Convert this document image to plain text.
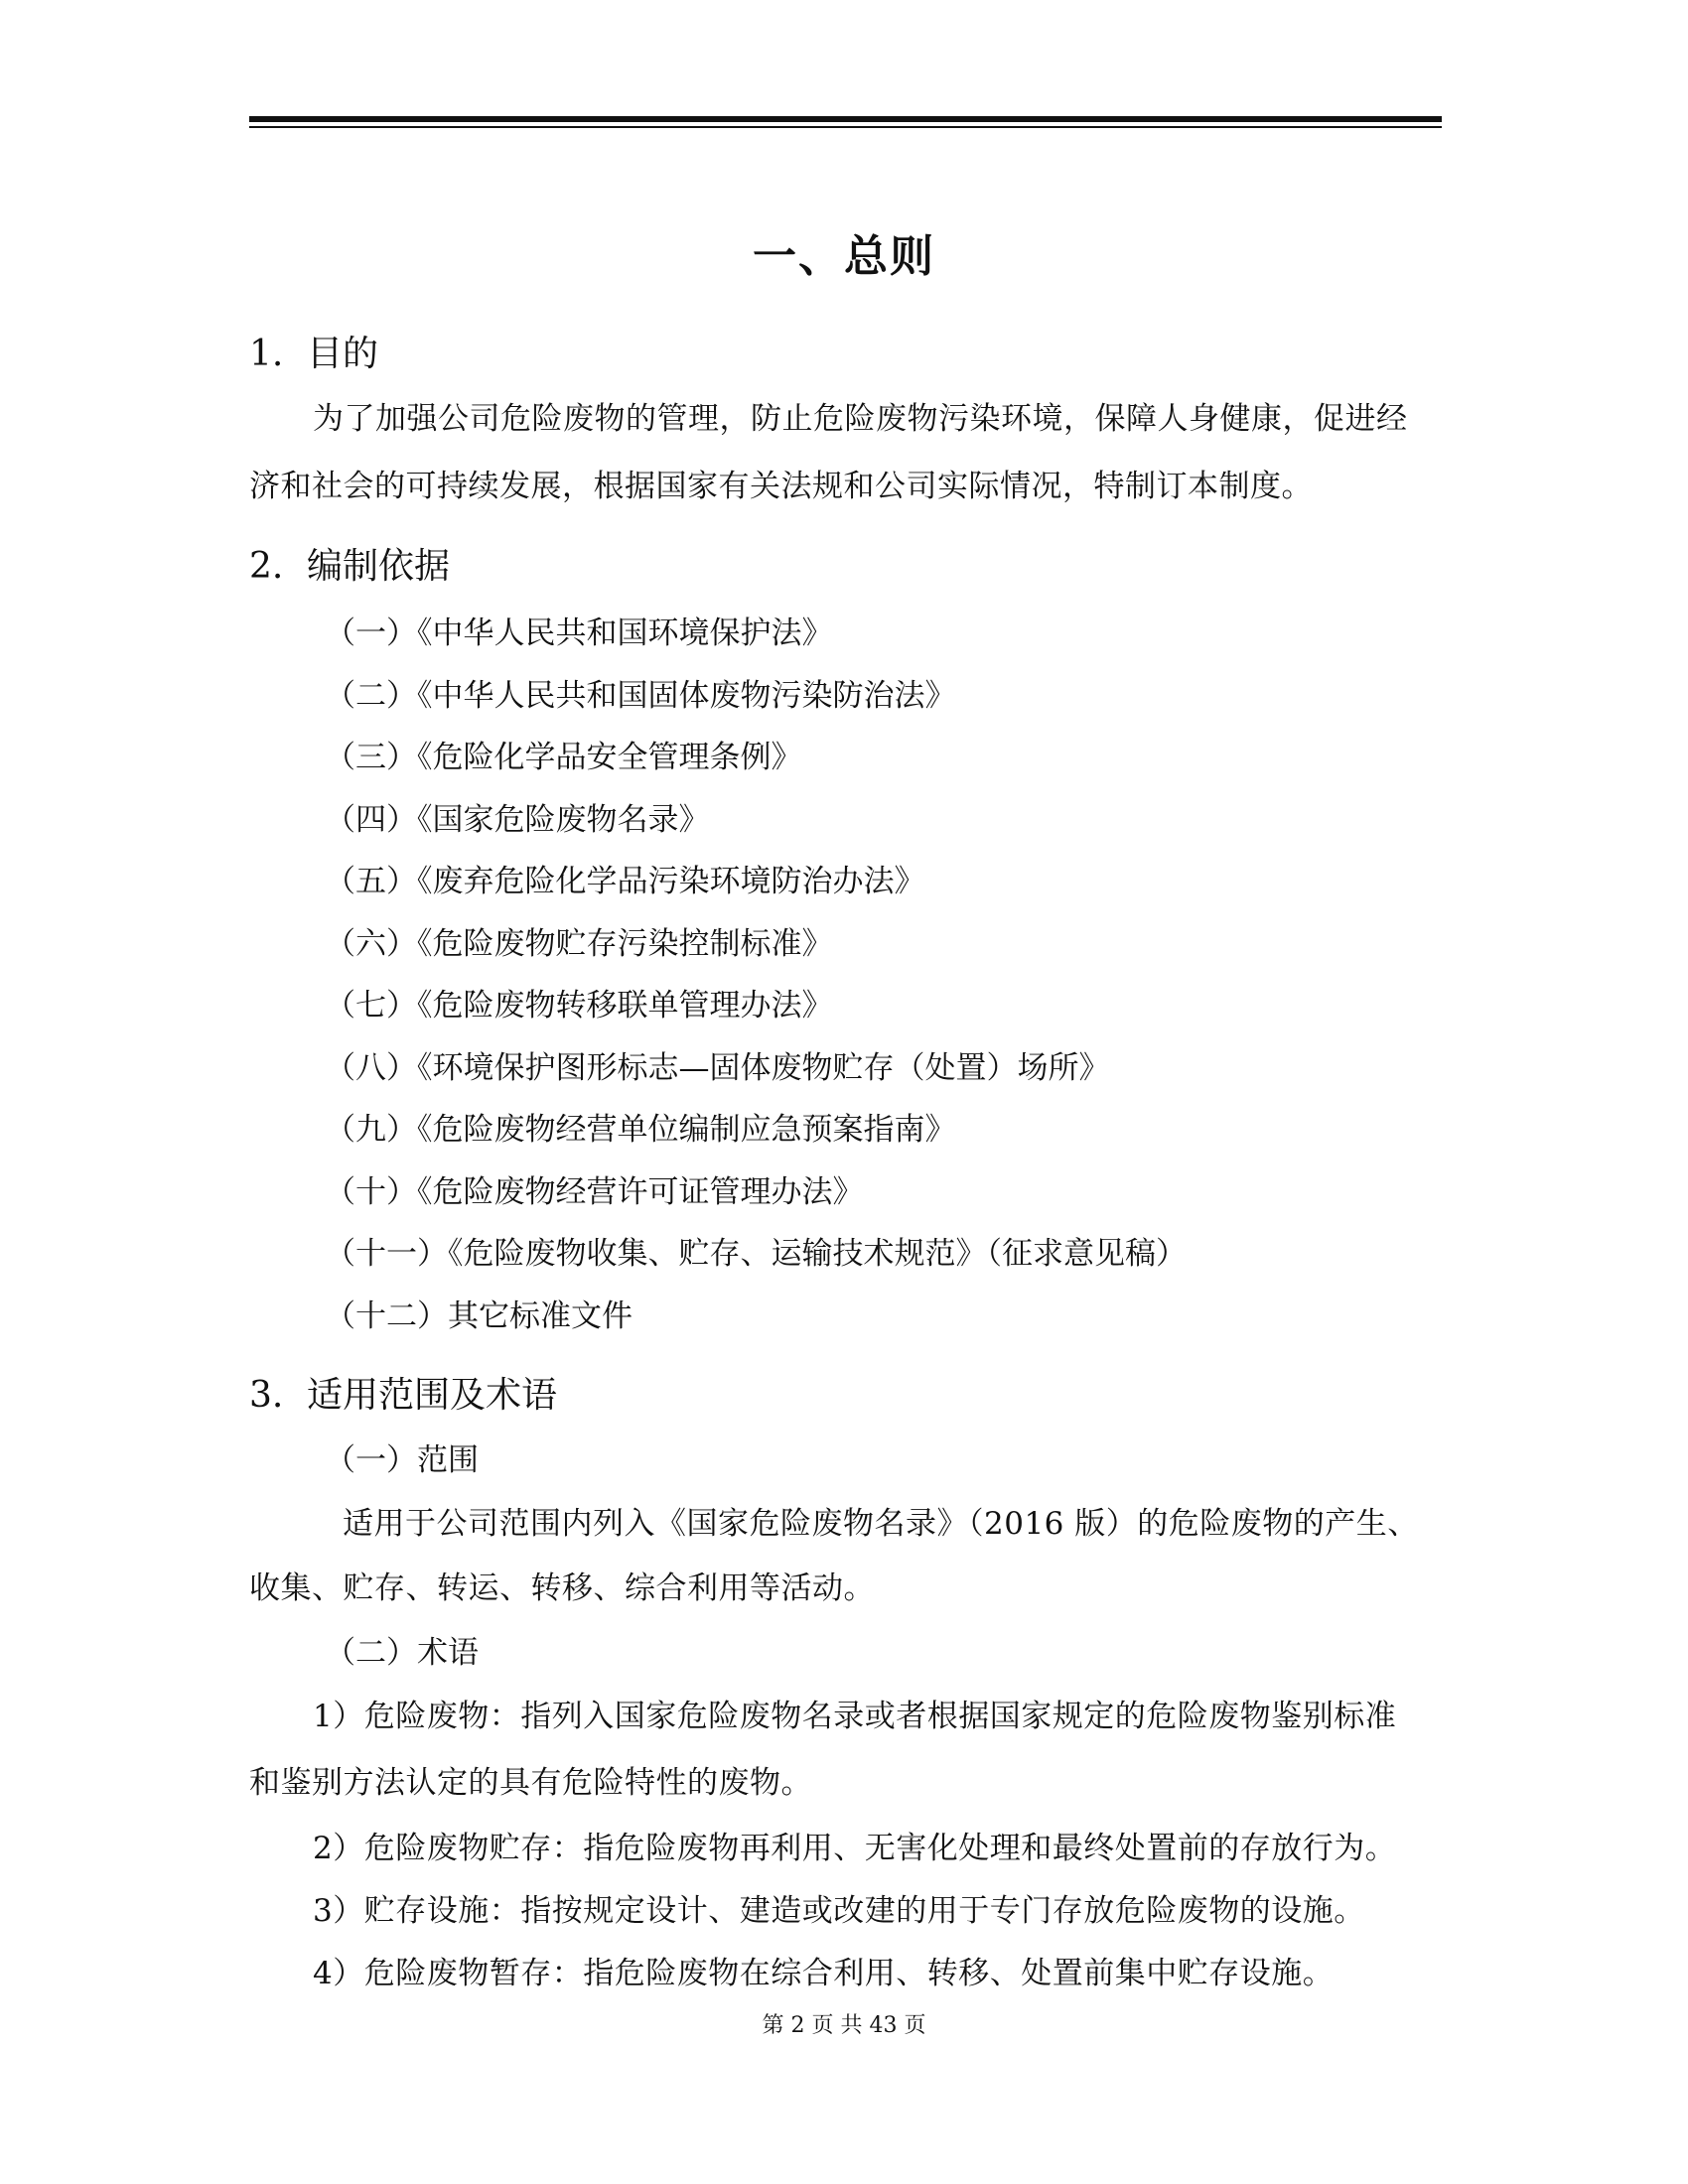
一、总则
1. 目的
为了加强公司危险废物的管理，防止危险废物污染环境，保障人身健康，促进经
济和社会的可持续发展，根据国家有关法规和公司实际情况，特制订本制度。
2. 编制依据
（一）《中华人民共和国环境保护法》
（二）《中华人民共和国固体废物污染防治法》
（三）《危险化学品安全管理条例》
（四）《国家危险废物名录》
（五）《废弃危险化学品污染环境防治办法》
（六）《危险废物贮存污染控制标准》
（七）《危险废物转移联单管理办法》
（八）《环境保护图形标志—固体废物贮存（处置）场所》
（九）《危险废物经营单位编制应急预案指南》
（十）《危险废物经营许可证管理办法》
（十一）《危险废物收集、贮存、运输技术规范》（征求意见稿）
（十二）其它标准文件
3. 适用范围及术语
（一）范围
适用于公司范围内列入《国家危险废物名录》（2016 版）的危险废物的产生、
收集、贮存、转运、转移、综合利用等活动。
（二）术语
1）危险废物：指列入国家危险废物名录或者根据国家规定的危险废物鉴别标准
和鉴别方法认定的具有危险特性的废物。
2）危险废物贮存：指危险废物再利用、无害化处理和最终处置前的存放行为。
3）贮存设施：指按规定设计、建造或改建的用于专门存放危险废物的设施。
4）危险废物暂存：指危险废物在综合利用、转移、处置前集中贮存设施。
第 2 页 共 43 页
